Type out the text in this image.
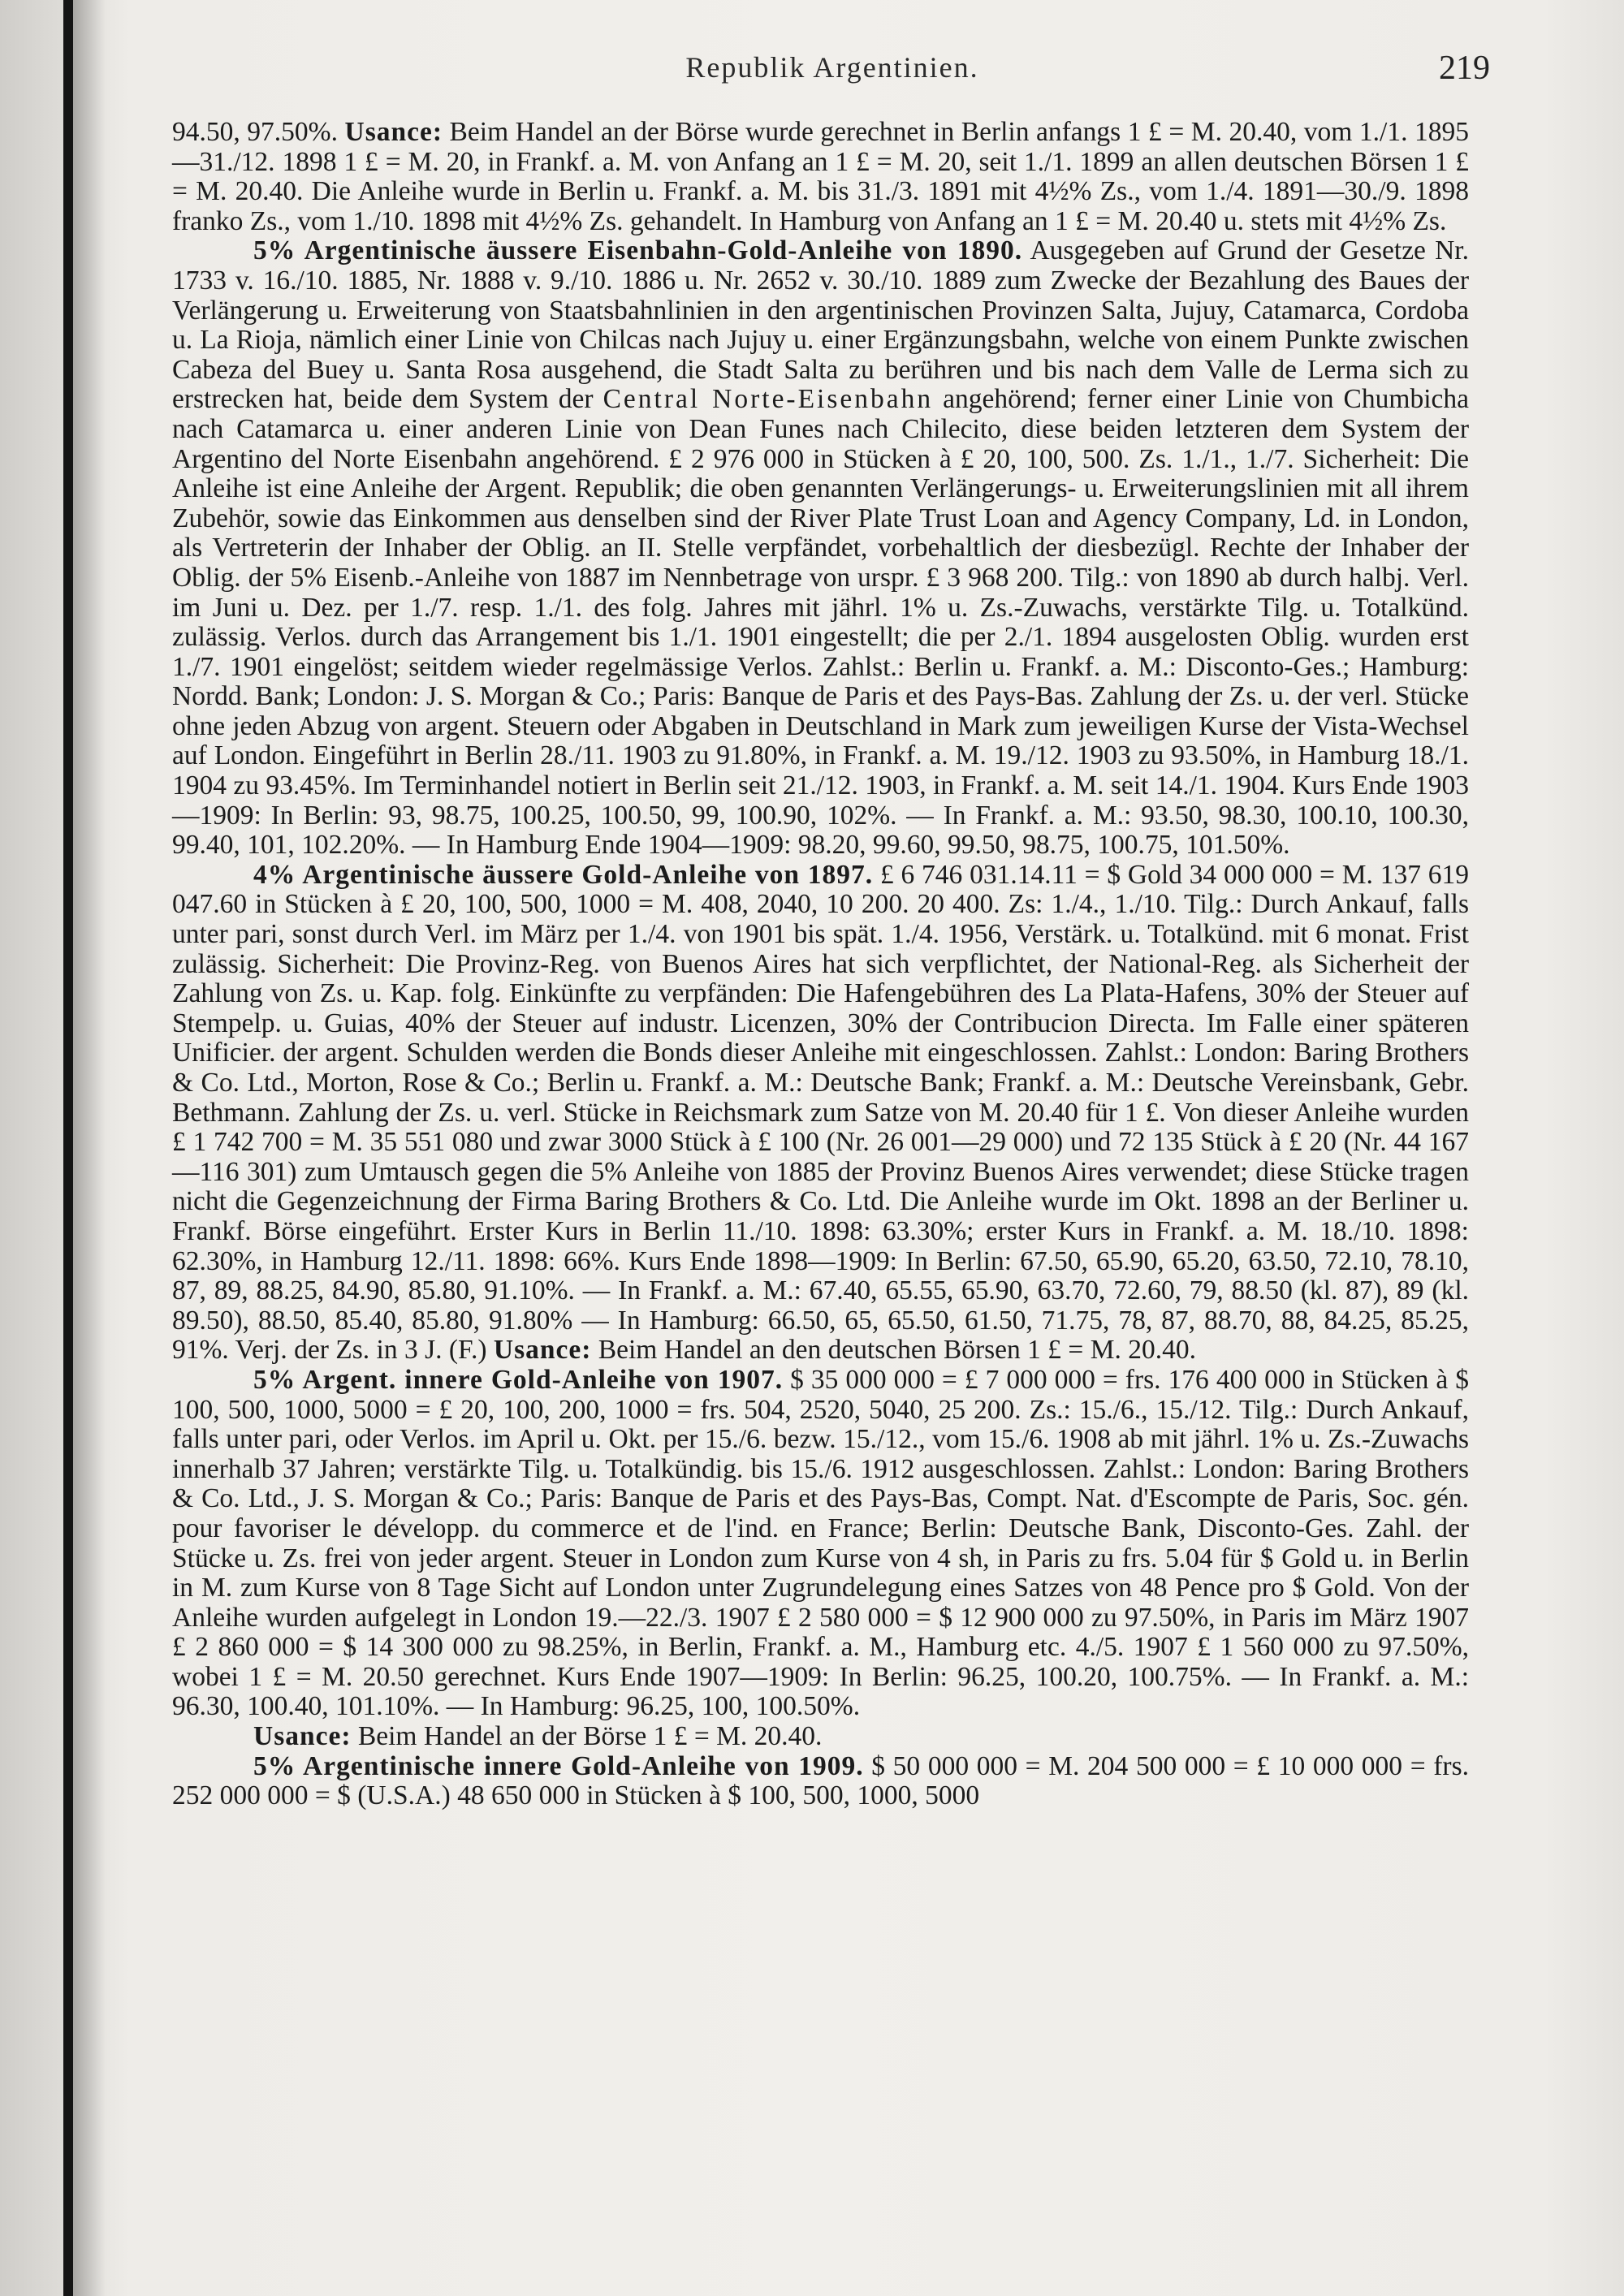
Republik Argentinien.	219

94.50, 97.50%. Usance: Beim Handel an der Börse wurde gerechnet in Berlin anfangs 1 £ = M. 20.40, vom 1./1. 1895—31./12. 1898 1 £ = M. 20, in Frankf. a. M. von Anfang an 1 £ = M. 20, seit 1./1. 1899 an allen deutschen Börsen 1 £ = M. 20.40. Die Anleihe wurde in Berlin u. Frankf. a. M. bis 31./3. 1891 mit 4½% Zs., vom 1./4. 1891—30./9. 1898 franko Zs., vom 1./10. 1898 mit 4½% Zs. gehandelt. In Hamburg von Anfang an 1 £ = M. 20.40 u. stets mit 4½% Zs.

5% Argentinische äussere Eisenbahn-Gold-Anleihe von 1890. Ausgegeben auf Grund der Gesetze Nr. 1733 v. 16./10. 1885, Nr. 1888 v. 9./10. 1886 u. Nr. 2652 v. 30./10. 1889 zum Zwecke der Bezahlung des Baues der Verlängerung u. Erweiterung von Staatsbahnlinien in den argentinischen Provinzen Salta, Jujuy, Catamarca, Cordoba u. La Rioja, nämlich einer Linie von Chilcas nach Jujuy u. einer Ergänzungsbahn, welche von einem Punkte zwischen Cabeza del Buey u. Santa Rosa ausgehend, die Stadt Salta zu berühren und bis nach dem Valle de Lerma sich zu erstrecken hat, beide dem System der Central Norte-Eisenbahn angehörend; ferner einer Linie von Chumbicha nach Catamarca u. einer anderen Linie von Dean Funes nach Chilecito, diese beiden letzteren dem System der Argentino del Norte Eisenbahn angehörend. £ 2 976 000 in Stücken à £ 20, 100, 500. Zs. 1./1., 1./7. Sicherheit: Die Anleihe ist eine Anleihe der Argent. Republik; die oben genannten Verlängerungs- u. Erweiterungslinien mit all ihrem Zubehör, sowie das Einkommen aus denselben sind der River Plate Trust Loan and Agency Company, Ld. in London, als Vertreterin der Inhaber der Oblig. an II. Stelle verpfändet, vorbehaltlich der diesbezügl. Rechte der Inhaber der Oblig. der 5% Eisenb.-Anleihe von 1887 im Nennbetrage von urspr. £ 3 968 200. Tilg.: von 1890 ab durch halbj. Verl. im Juni u. Dez. per 1./7. resp. 1./1. des folg. Jahres mit jährl. 1% u. Zs.-Zuwachs, verstärkte Tilg. u. Totalkünd. zulässig. Verlos. durch das Arrangement bis 1./1. 1901 eingestellt; die per 2./1. 1894 ausgelosten Oblig. wurden erst 1./7. 1901 eingelöst; seitdem wieder regelmässige Verlos. Zahlst.: Berlin u. Frankf. a. M.: Disconto-Ges.; Hamburg: Nordd. Bank; London: J. S. Morgan & Co.; Paris: Banque de Paris et des Pays-Bas. Zahlung der Zs. u. der verl. Stücke ohne jeden Abzug von argent. Steuern oder Abgaben in Deutschland in Mark zum jeweiligen Kurse der Vista-Wechsel auf London. Eingeführt in Berlin 28./11. 1903 zu 91.80%, in Frankf. a. M. 19./12. 1903 zu 93.50%, in Hamburg 18./1. 1904 zu 93.45%. Im Terminhandel notiert in Berlin seit 21./12. 1903, in Frankf. a. M. seit 14./1. 1904. Kurs Ende 1903—1909: In Berlin: 93, 98.75, 100.25, 100.50, 99, 100.90, 102%. — In Frankf. a. M.: 93.50, 98.30, 100.10, 100.30, 99.40, 101, 102.20%. — In Hamburg Ende 1904—1909: 98.20, 99.60, 99.50, 98.75, 100.75, 101.50%.

4% Argentinische äussere Gold-Anleihe von 1897. £ 6 746 031.14.11 = $ Gold 34 000 000 = M. 137 619 047.60 in Stücken à £ 20, 100, 500, 1000 = M. 408, 2040, 10 200. 20 400. Zs: 1./4., 1./10. Tilg.: Durch Ankauf, falls unter pari, sonst durch Verl. im März per 1./4. von 1901 bis spät. 1./4. 1956, Verstärk. u. Totalkünd. mit 6 monat. Frist zulässig. Sicherheit: Die Provinz-Reg. von Buenos Aires hat sich verpflichtet, der National-Reg. als Sicherheit der Zahlung von Zs. u. Kap. folg. Einkünfte zu verpfänden: Die Hafengebühren des La Plata-Hafens, 30% der Steuer auf Stempelp. u. Guias, 40% der Steuer auf industr. Licenzen, 30% der Contribucion Directa. Im Falle einer späteren Unificier. der argent. Schulden werden die Bonds dieser Anleihe mit eingeschlossen. Zahlst.: London: Baring Brothers & Co. Ltd., Morton, Rose & Co.; Berlin u. Frankf. a. M.: Deutsche Bank; Frankf. a. M.: Deutsche Vereinsbank, Gebr. Bethmann. Zahlung der Zs. u. verl. Stücke in Reichsmark zum Satze von M. 20.40 für 1 £. Von dieser Anleihe wurden £ 1 742 700 = M. 35 551 080 und zwar 3000 Stück à £ 100 (Nr. 26 001—29 000) und 72 135 Stück à £ 20 (Nr. 44 167—116 301) zum Umtausch gegen die 5% Anleihe von 1885 der Provinz Buenos Aires verwendet; diese Stücke tragen nicht die Gegenzeichnung der Firma Baring Brothers & Co. Ltd. Die Anleihe wurde im Okt. 1898 an der Berliner u. Frankf. Börse eingeführt. Erster Kurs in Berlin 11./10. 1898: 63.30%; erster Kurs in Frankf. a. M. 18./10. 1898: 62.30%, in Hamburg 12./11. 1898: 66%. Kurs Ende 1898—1909: In Berlin: 67.50, 65.90, 65.20, 63.50, 72.10, 78.10, 87, 89, 88.25, 84.90, 85.80, 91.10%. — In Frankf. a. M.: 67.40, 65.55, 65.90, 63.70, 72.60, 79, 88.50 (kl. 87), 89 (kl. 89.50), 88.50, 85.40, 85.80, 91.80% — In Hamburg: 66.50, 65, 65.50, 61.50, 71.75, 78, 87, 88.70, 88, 84.25, 85.25, 91%. Verj. der Zs. in 3 J. (F.) Usance: Beim Handel an den deutschen Börsen 1 £ = M. 20.40.

5% Argent. innere Gold-Anleihe von 1907. $ 35 000 000 = £ 7 000 000 = frs. 176 400 000 in Stücken à $ 100, 500, 1000, 5000 = £ 20, 100, 200, 1000 = frs. 504, 2520, 5040, 25 200. Zs.: 15./6., 15./12. Tilg.: Durch Ankauf, falls unter pari, oder Verlos. im April u. Okt. per 15./6. bezw. 15./12., vom 15./6. 1908 ab mit jährl. 1% u. Zs.-Zuwachs innerhalb 37 Jahren; verstärkte Tilg. u. Totalkündig. bis 15./6. 1912 ausgeschlossen. Zahlst.: London: Baring Brothers & Co. Ltd., J. S. Morgan & Co.; Paris: Banque de Paris et des Pays-Bas, Compt. Nat. d'Escompte de Paris, Soc. gén. pour favoriser le développ. du commerce et de l'ind. en France; Berlin: Deutsche Bank, Disconto-Ges. Zahl. der Stücke u. Zs. frei von jeder argent. Steuer in London zum Kurse von 4 sh, in Paris zu frs. 5.04 für $ Gold u. in Berlin in M. zum Kurse von 8 Tage Sicht auf London unter Zugrundelegung eines Satzes von 48 Pence pro $ Gold. Von der Anleihe wurden aufgelegt in London 19.—22./3. 1907 £ 2 580 000 = $ 12 900 000 zu 97.50%, in Paris im März 1907 £ 2 860 000 = $ 14 300 000 zu 98.25%, in Berlin, Frankf. a. M., Hamburg etc. 4./5. 1907 £ 1 560 000 zu 97.50%, wobei 1 £ = M. 20.50 gerechnet. Kurs Ende 1907—1909: In Berlin: 96.25, 100.20, 100.75%. — In Frankf. a. M.: 96.30, 100.40, 101.10%. — In Hamburg: 96.25, 100, 100.50%.

Usance: Beim Handel an der Börse 1 £ = M. 20.40.

5% Argentinische innere Gold-Anleihe von 1909. $ 50 000 000 = M. 204 500 000 = £ 10 000 000 = frs. 252 000 000 = $ (U.S.A.) 48 650 000 in Stücken à $ 100, 500, 1000, 5000
